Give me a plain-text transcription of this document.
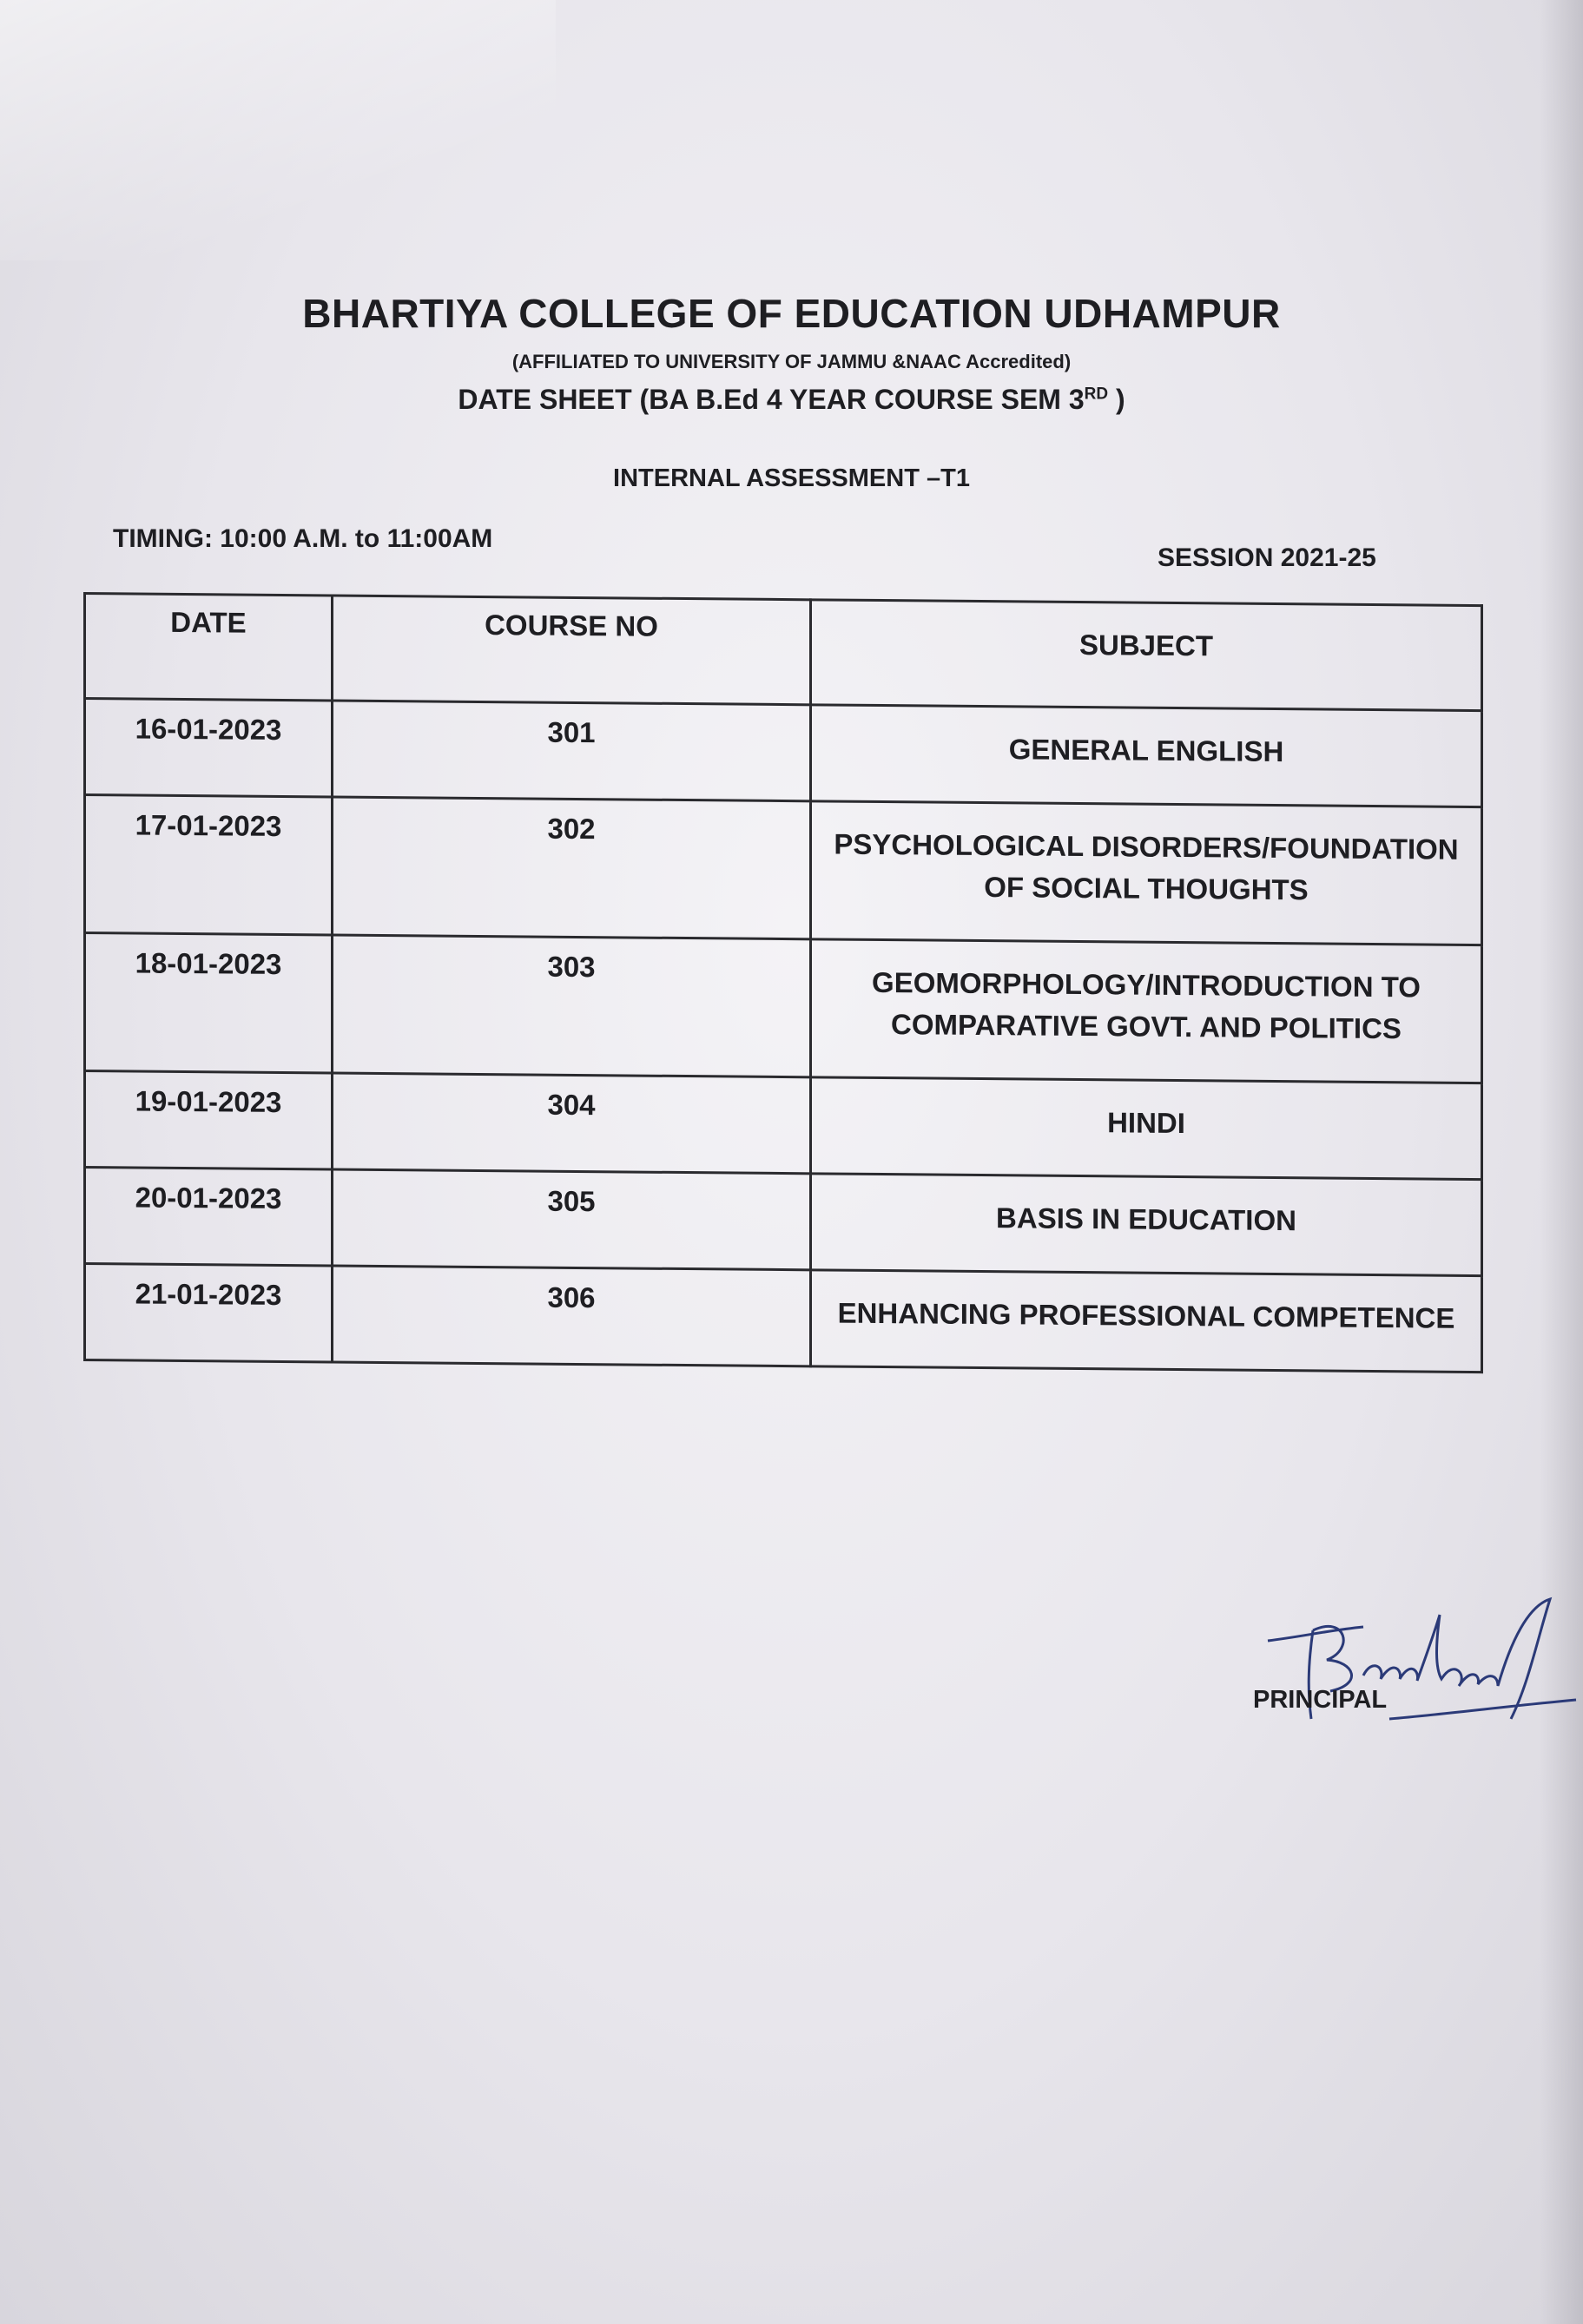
BHARTIYA COLLEGE OF EDUCATION UDHAMPUR
(AFFILIATED TO UNIVERSITY OF JAMMU &NAAC Accredited)
DATE SHEET (BA B.Ed 4 YEAR COURSE SEM 3RD )
INTERNAL ASSESSMENT –T1
TIMING: 10:00 A.M. to 11:00AM
SESSION 2021-25
DATE	COURSE NO	SUBJECT
16-01-2023	301	GENERAL ENGLISH
17-01-2023	302	PSYCHOLOGICAL DISORDERS/FOUNDATION
OF SOCIAL THOUGHTS
18-01-2023	303	GEOMORPHOLOGY/INTRODUCTION TO
COMPARATIVE GOVT. AND POLITICS
19-01-2023	304	HINDI
20-01-2023	305	BASIS IN EDUCATION
21-01-2023	306	ENHANCING PROFESSIONAL COMPETENCE
PRINCIPAL
